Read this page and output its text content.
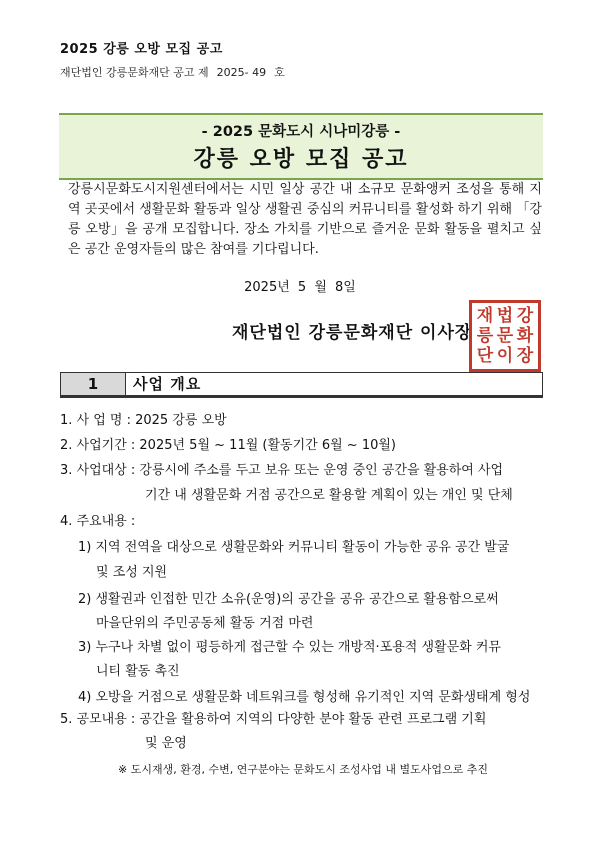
2025 강릉 오방 모집 공고
재단법인 강릉문화재단 공고 제 2025- 49 호
- 2025 문화도시 시나미강릉 -
강릉 오방 모집 공고
강릉시문화도시지원센터에서는 시민 일상 공간 내 소규모 문화앵커 조성을 통해 지역 곳곳에서 생활문화 활동과 일상 생활권 중심의 커뮤니티를 활성화 하기 위해 「강릉 오방」을 공개 모집합니다. 장소 가치를 기반으로 즐거운 문화 활동을 펼치고 싶은 공간 운영자들의 많은 참여를 기다립니다.
2025년 5 월 8일
재단법인 강릉문화재단 이사장
재 법 강
릉 문 화
단 이 장
1	사업 개요
1. 사 업 명 : 2025 강릉 오방
2. 사업기간 : 2025년 5월 ~ 11월 (활동기간 6월 ~ 10월)
3. 사업대상 : 강릉시에 주소를 두고 보유 또는 운영 중인 공간을 활용하여 사업
기간 내 생활문화 거점 공간으로 활용할 계획이 있는 개인 및 단체
4. 주요내용 :
1) 지역 전역을 대상으로 생활문화와 커뮤니티 활동이 가능한 공유 공간 발굴
및 조성 지원
2) 생활권과 인접한 민간 소유(운영)의 공간을 공유 공간으로 활용함으로써
마을단위의 주민공동체 활동 거점 마련
3) 누구나 차별 없이 평등하게 접근할 수 있는 개방적·포용적 생활문화 커뮤
니티 활동 촉진
4) 오방을 거점으로 생활문화 네트워크를 형성해 유기적인 지역 문화생태계 형성
5. 공모내용 : 공간을 활용하여 지역의 다양한 분야 활동 관련 프로그램 기획
및 운영
※ 도시재생, 환경, 수변, 연구분야는 문화도시 조성사업 내 별도사업으로 추진
